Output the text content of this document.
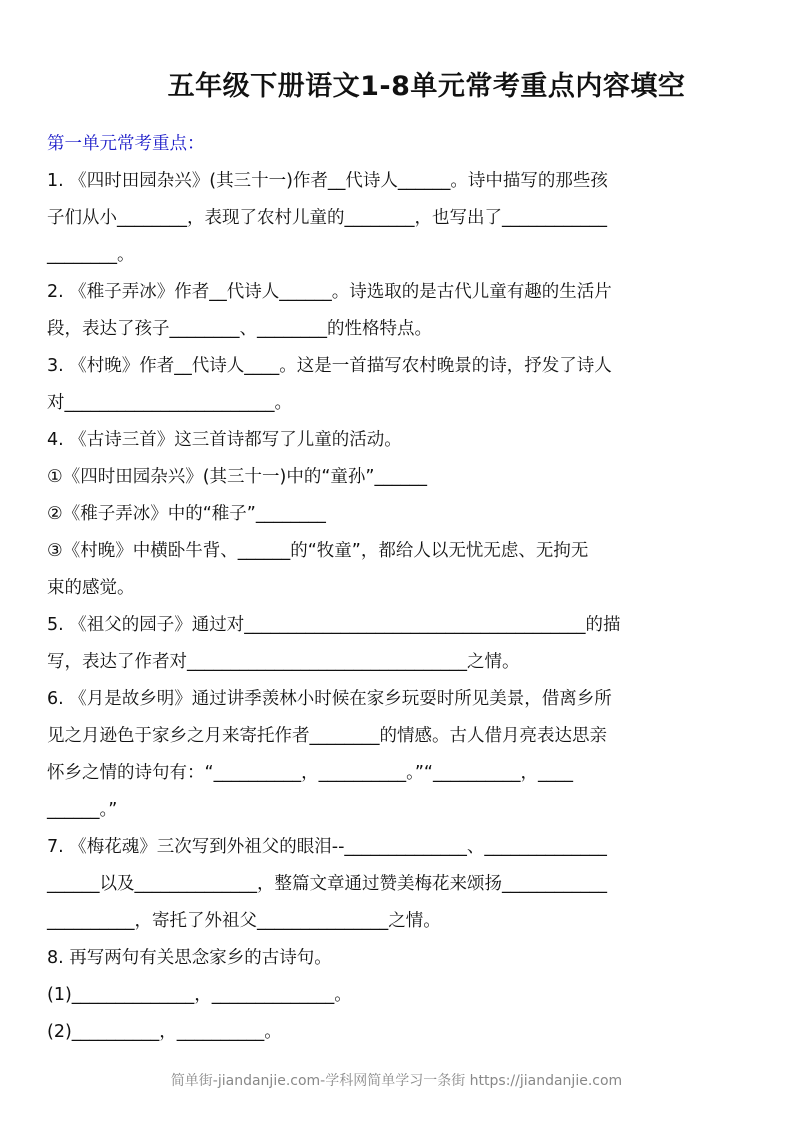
五年级下册语文1-8单元常考重点内容填空
第一单元常考重点：
1. 《四时田园杂兴》(其三十一)作者__代诗人______。诗中描写的那些孩
子们从小________，表现了农村儿童的________，也写出了____________
________。
2. 《稚子弄冰》作者__代诗人______。诗选取的是古代儿童有趣的生活片
段，表达了孩子________、________的性格特点。
3. 《村晚》作者__代诗人____。这是一首描写农村晚景的诗，抒发了诗人
对________________________。
4. 《古诗三首》这三首诗都写了儿童的活动。
①《四时田园杂兴》(其三十一)中的“童孙”______
②《稚子弄冰》中的“稚子”________
③《村晚》中横卧牛背、______的“牧童”，都给人以无忧无虑、无拘无
束的感觉。
5. 《祖父的园子》通过对_______________________________________的描
写，表达了作者对________________________________之情。
6. 《月是故乡明》通过讲季羡林小时候在家乡玩耍时所见美景，借离乡所
见之月逊色于家乡之月来寄托作者________的情感。古人借月亮表达思亲
怀乡之情的诗句有：“__________，__________。”“__________，____
______。”
7. 《梅花魂》三次写到外祖父的眼泪--______________、______________
______以及______________，整篇文章通过赞美梅花来颂扬____________
__________，寄托了外祖父_______________之情。
8. 再写两句有关思念家乡的古诗句。
(1)______________，______________。
(2)__________，__________。
简单街-jiandanjie.com-学科网简单学习一条街 https://jiandanjie.com
